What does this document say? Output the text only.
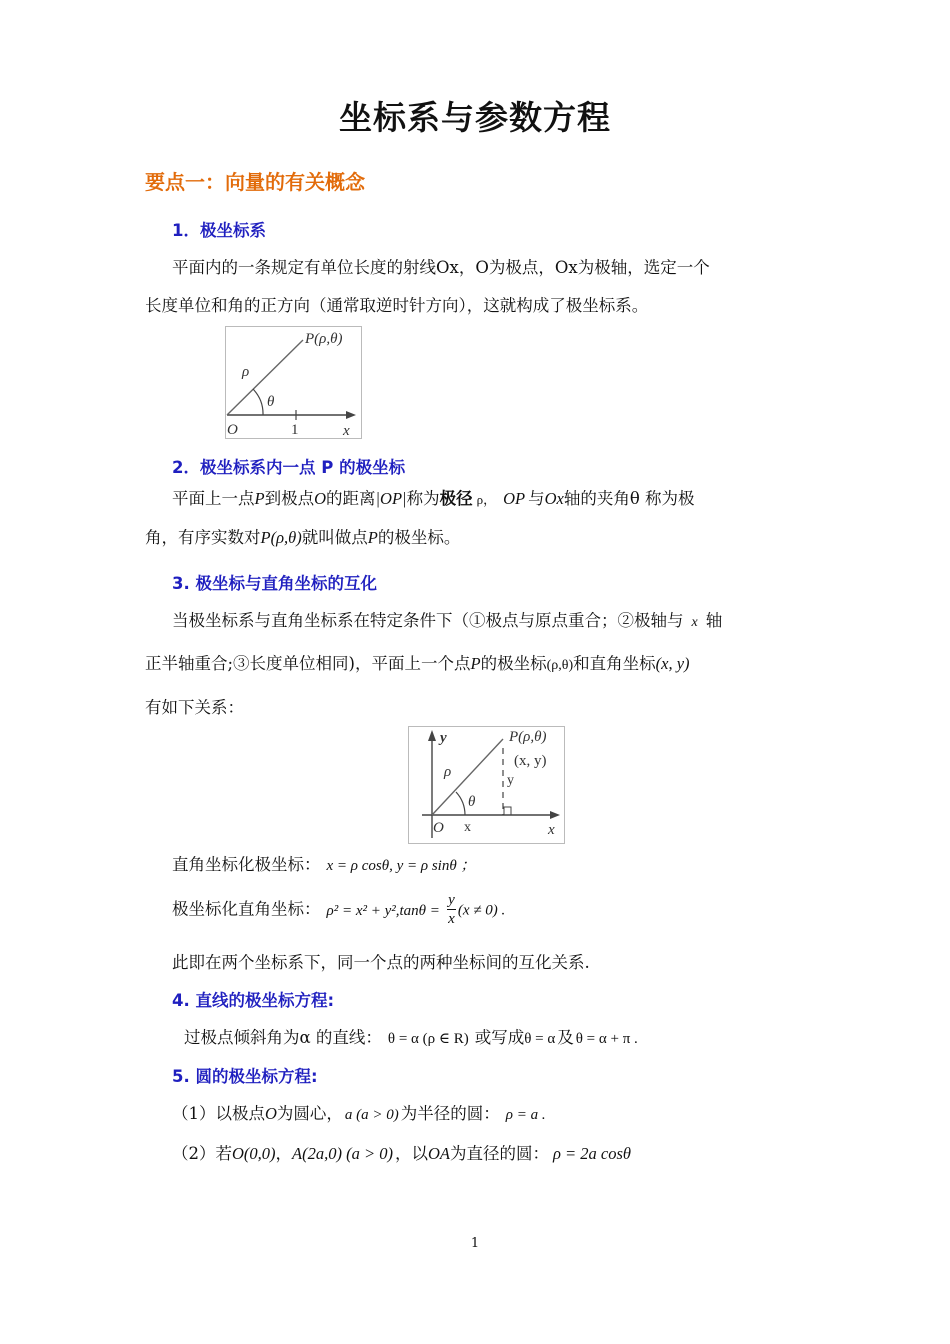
坐标系与参数方程
要点一：向量的有关概念
1．极坐标系
平面内的一条规定有单位长度的射线Ox，O为极点，Ox为极轴，选定一个
长度单位和角的正方向（通常取逆时针方向），这就构成了极坐标系。
P(ρ,θ)
ρ
θ
O	1	x
2．极坐标系内一点 P 的极坐标
平面上一点P到极点O的距离|OP|称为极径 ρ， OP 与Ox轴的夹角θ 称为极
角，有序实数对P(ρ,θ)就叫做点P的极坐标。
3. 极坐标与直角坐标的互化
当极坐标系与直角坐标系在特定条件下（①极点与原点重合；②极轴与 x 轴
正半轴重合;③长度单位相同)，平面上一个点P的极坐标(ρ,θ)和直角坐标(x, y)
有如下关系：
y	P(ρ,θ)
(x, y)
ρ
y
θ
O x	x
直角坐标化极坐标： x = ρ cosθ, y = ρ sinθ ；
极坐标化直角坐标： $\rho^2 = x^2 + y^2,\tan\theta = \frac{y}{x} (x \ne 0)$ .
此即在两个坐标系下，同一个点的两种坐标间的互化关系.
4. 直线的极坐标方程:
过极点倾斜角为α 的直线： θ = α (ρ ∈ R) 或写成θ = α 及 θ = α + π .
5. 圆的极坐标方程:
（1）以极点O为圆心， a (a > 0) 为半径的圆： ρ = a .
（2）若O(0,0)，A(2a,0) (a > 0) ，以OA为直径的圆： ρ = 2a cosθ
1
